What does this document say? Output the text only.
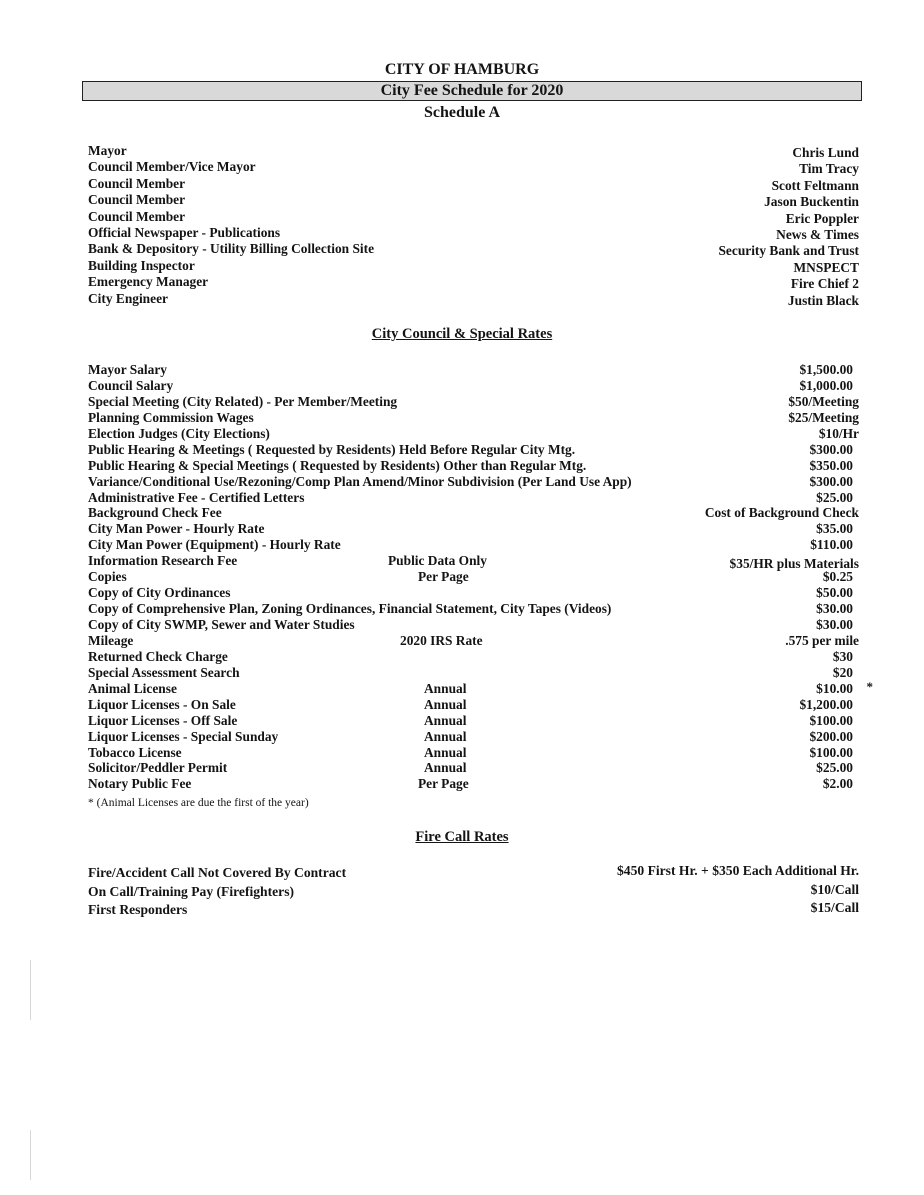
CITY OF HAMBURG
City Fee Schedule for 2020
Schedule A
Mayor	Chris Lund
Council Member/Vice Mayor	Tim Tracy
Council Member	Scott Feltmann
Council Member	Jason Buckentin
Council Member	Eric Poppler
Official Newspaper - Publications	News & Times
Bank & Depository - Utility Billing Collection Site	Security Bank and Trust
Building Inspector	MNSPECT
Emergency Manager	Fire Chief 2
City Engineer	Justin Black
City Council & Special Rates
Mayor Salary	$1,500.00
Council Salary	$1,000.00
Special Meeting (City Related) - Per Member/Meeting	$50/Meeting
Planning Commission Wages	$25/Meeting
Election Judges (City Elections)	$10/Hr
Public Hearing & Meetings ( Requested by Residents) Held Before Regular City Mtg.	$300.00
Public Hearing & Special Meetings ( Requested by Residents) Other than Regular Mtg.	$350.00
Variance/Conditional Use/Rezoning/Comp Plan Amend/Minor Subdivision (Per Land Use App)	$300.00
Administrative Fee - Certified Letters	$25.00
Background Check Fee	Cost of Background Check
City Man Power - Hourly Rate	$35.00
City Man Power (Equipment) - Hourly Rate	$110.00
Information Research Fee	Public Data Only	$35/HR plus Materials
Copies	Per Page	$0.25
Copy of City Ordinances	$50.00
Copy of Comprehensive Plan, Zoning Ordinances, Financial Statement, City Tapes (Videos)	$30.00
Copy of City SWMP, Sewer and Water Studies	$30.00
Mileage	2020 IRS Rate	.575 per mile
Returned Check Charge	$30
Special Assessment Search	$20
Animal License	Annual	$10.00 *
Liquor Licenses - On Sale	Annual	$1,200.00
Liquor Licenses - Off Sale	Annual	$100.00
Liquor Licenses - Special Sunday	Annual	$200.00
Tobacco License	Annual	$100.00
Solicitor/Peddler Permit	Annual	$25.00
Notary Public Fee	Per Page	$2.00
* (Animal Licenses are due the first of the year)
Fire Call Rates
Fire/Accident Call Not Covered By Contract	$450 First Hr. + $350 Each Additional Hr.
On Call/Training Pay (Firefighters)	$10/Call
First Responders	$15/Call
